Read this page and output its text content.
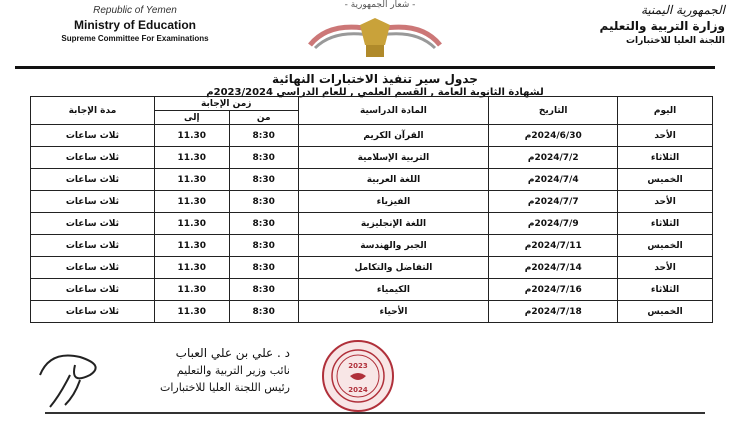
Republic of Yemen
Ministry of Education
Supreme Committee For Examinations
- شعار الجمهورية -	الجمهورية اليمنية
وزارة التربية والتعليم
اللجنة العليا للاختبارات
جدول سير تنفيذ الاختبارات النهائية
لشهادة الثانوية العامة , القسم العلمي , للعام الدراسي 2023/2024م
اليوم	التاريخ	المادة الدراسية	زمن الإجابة		مدة الإجابة
			من	إلى	
الأحد	2024/6/30م	القرآن الكريم	8:30	11.30	ثلاث ساعات
الثلاثاء	2024/7/2م	التربية الإسلامية	8:30	11.30	ثلاث ساعات
الخميس	2024/7/4م	اللغة العربية	8:30	11.30	ثلاث ساعات
الأحد	2024/7/7م	الفيزياء	8:30	11.30	ثلاث ساعات
الثلاثاء	2024/7/9م	اللغة الإنجليزية	8:30	11.30	ثلاث ساعات
الخميس	2024/7/11م	الجبر والهندسة	8:30	11.30	ثلاث ساعات
الأحد	2024/7/14م	التفاضل والتكامل	8:30	11.30	ثلاث ساعات
الثلاثاء	2024/7/16م	الكيمياء	8:30	11.30	ثلاث ساعات
الخميس	2024/7/18م	الأحياء	8:30	11.30	ثلاث ساعات
د . علي بن علي العباب
نائب وزير التربية والتعليم
رئيس اللجنة العليا للاختبارات
2023
2024
